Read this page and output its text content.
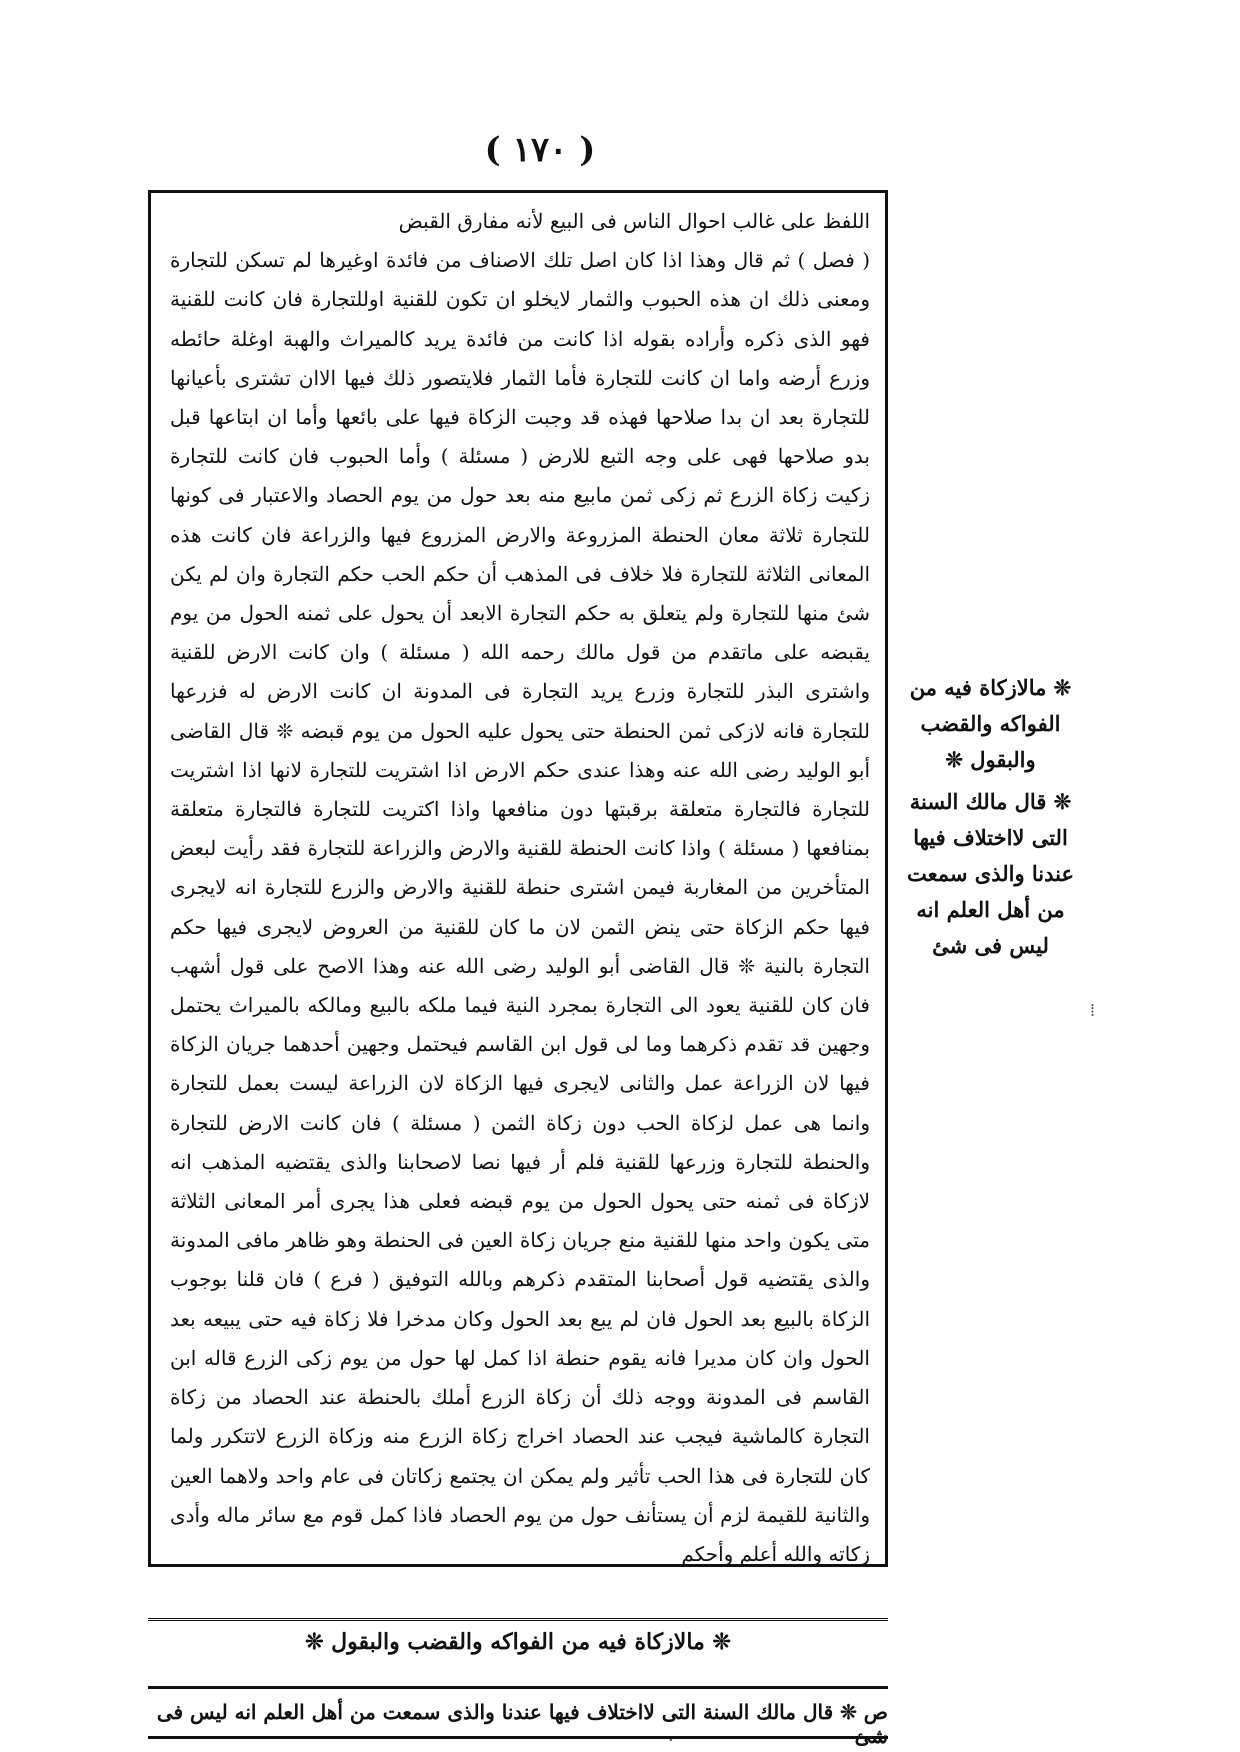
( ١٧٠ )

اللفظ على غالب احوال الناس فى البيع لأنه مفارق القبض

( فصل ) ثم قال وهذا اذا كان اصل تلك الاصناف من فائدة اوغيرها لم تسكن للتجارة ومعنى ذلك ان هذه الحبوب والثمار لايخلو ان تكون للقنية اوللتجارة فان كانت للقنية فهو الذى ذكره وأراده بقوله اذا كانت من فائدة يريد كالميراث والهبة اوغلة حائطه وزرع أرضه واما ان كانت للتجارة فأما الثمار فلايتصور ذلك فيها الاان تشترى بأعيانها للتجارة بعد ان بدا صلاحها فهذه قد وجبت الزكاة فيها على بائعها وأما ان ابتاعها قبل بدو صلاحها فهى على وجه التبع للارض ( مسئلة ) وأما الحبوب فان كانت للتجارة زكيت زكاة الزرع ثم زكى ثمن مابيع منه بعد حول من يوم الحصاد والاعتبار فى كونها للتجارة ثلاثة معان الحنطة المزروعة والارض المزروع فيها والزراعة فان كانت هذه المعانى الثلاثة للتجارة فلا خلاف فى المذهب أن حكم الحب حكم التجارة وان لم يكن شئ منها للتجارة ولم يتعلق به حكم التجارة الابعد أن يحول على ثمنه الحول من يوم يقبضه على ماتقدم من قول مالك رحمه الله ( مسئلة ) وان كانت الارض للقنية واشترى البذر للتجارة وزرع يريد التجارة فى المدونة ان كانت الارض له فزرعها للتجارة فانه لازكى ثمن الحنطة حتى يحول عليه الحول من يوم قبضه ❊ قال القاضى أبو الوليد رضى الله عنه وهذا عندى حكم الارض اذا اشتريت للتجارة لانها اذا اشتريت للتجارة فالتجارة متعلقة برقبتها دون منافعها واذا اكتريت للتجارة فالتجارة متعلقة بمنافعها ( مسئلة ) واذا كانت الحنطة للقنية والارض والزراعة للتجارة فقد رأيت لبعض المتأخرين من المغاربة فيمن اشترى حنطة للقنية والارض والزرع للتجارة انه لايجرى فيها حكم الزكاة حتى ينض الثمن لان ما كان للقنية من العروض لايجرى فيها حكم التجارة بالنية ❊ قال القاضى أبو الوليد رضى الله عنه وهذا الاصح على قول أشهب فان كان للقنية يعود الى التجارة بمجرد النية فيما ملكه بالبيع ومالكه بالميراث يحتمل وجهين قد تقدم ذكرهما وما لى قول ابن القاسم فيحتمل وجهين أحدهما جريان الزكاة فيها لان الزراعة عمل والثانى لايجرى فيها الزكاة لان الزراعة ليست بعمل للتجارة وانما هى عمل لزكاة الحب دون زكاة الثمن ( مسئلة ) فان كانت الارض للتجارة والحنطة للتجارة وزرعها للقنية فلم أر فيها نصا لاصحابنا والذى يقتضيه المذهب انه لازكاة فى ثمنه حتى يحول الحول من يوم قبضه فعلى هذا يجرى أمر المعانى الثلاثة متى يكون واحد منها للقنية منع جريان زكاة العين فى الحنطة وهو ظاهر مافى المدونة والذى يقتضيه قول أصحابنا المتقدم ذكرهم وبالله التوفيق ( فرع ) فان قلنا بوجوب الزكاة بالبيع بعد الحول فان لم يبع بعد الحول وكان مدخرا فلا زكاة فيه حتى يبيعه بعد الحول وان كان مديرا فانه يقوم حنطة اذا كمل لها حول من يوم زكى الزرع قاله ابن القاسم فى المدونة ووجه ذلك أن زكاة الزرع أملك بالحنطة عند الحصاد من زكاة التجارة كالماشية فيجب عند الحصاد اخراج زكاة الزرع منه وزكاة الزرع لاتتكرر ولما كان للتجارة فى هذا الحب تأثير ولم يمكن ان يجتمع زكاتان فى عام واحد ولاهما العين والثانية للقيمة لزم أن يستأنف حول من يوم الحصاد فاذا كمل قوم مع سائر ماله وأدى زكاته والله أعلم وأحكم

❊ مالازكاة فيه من الفواكه والقضب والبقول ❊
ص ❊ قال مالك السنة التى لااختلاف فيها عندنا والذى سمعت من أهل العلم انه ليس فى شئ

❊ مالازكاة فيه من الفواكه والقضب والبقول ❊

❊ قال مالك السنة التى لااختلاف فيها عندنا والذى سمعت من أهل العلم انه ليس فى شئ

⁞
·
